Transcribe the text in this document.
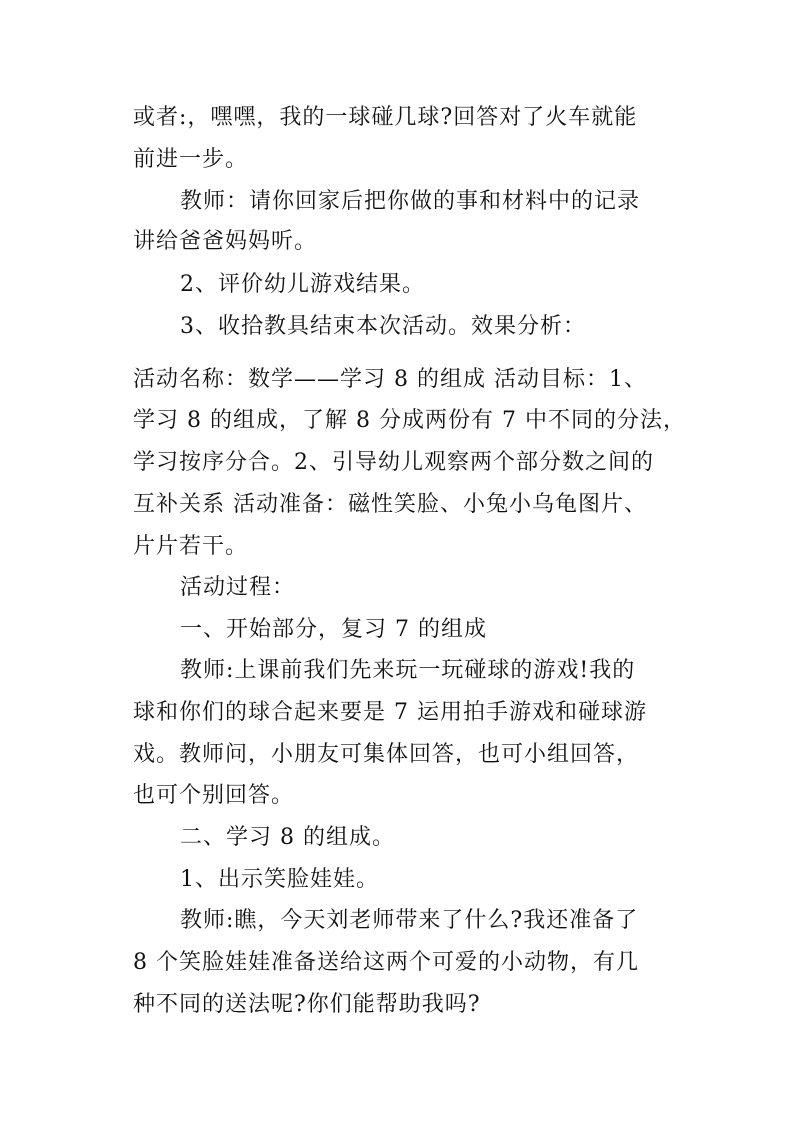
或者:，嘿嘿，我的一球碰几球?回答对了火车就能
前进一步。
教师：请你回家后把你做的事和材料中的记录
讲给爸爸妈妈听。
2、评价幼儿游戏结果。
3、收拾教具结束本次活动。效果分析：
活动名称：数学——学习 8 的组成 活动目标：1、
学习 8 的组成，了解 8 分成两份有 7 中不同的分法，
学习按序分合。2、引导幼儿观察两个部分数之间的
互补关系 活动准备：磁性笑脸、小兔小乌龟图片、
片片若干。
活动过程：
一、开始部分，复习 7 的组成
教师:上课前我们先来玩一玩碰球的游戏!我的
球和你们的球合起来要是 7 运用拍手游戏和碰球游
戏。教师问，小朋友可集体回答，也可小组回答，
也可个别回答。
二、学习 8 的组成。
1、出示笑脸娃娃。
教师:瞧，今天刘老师带来了什么?我还准备了
8 个笑脸娃娃准备送给这两个可爱的小动物，有几
种不同的送法呢?你们能帮助我吗?
